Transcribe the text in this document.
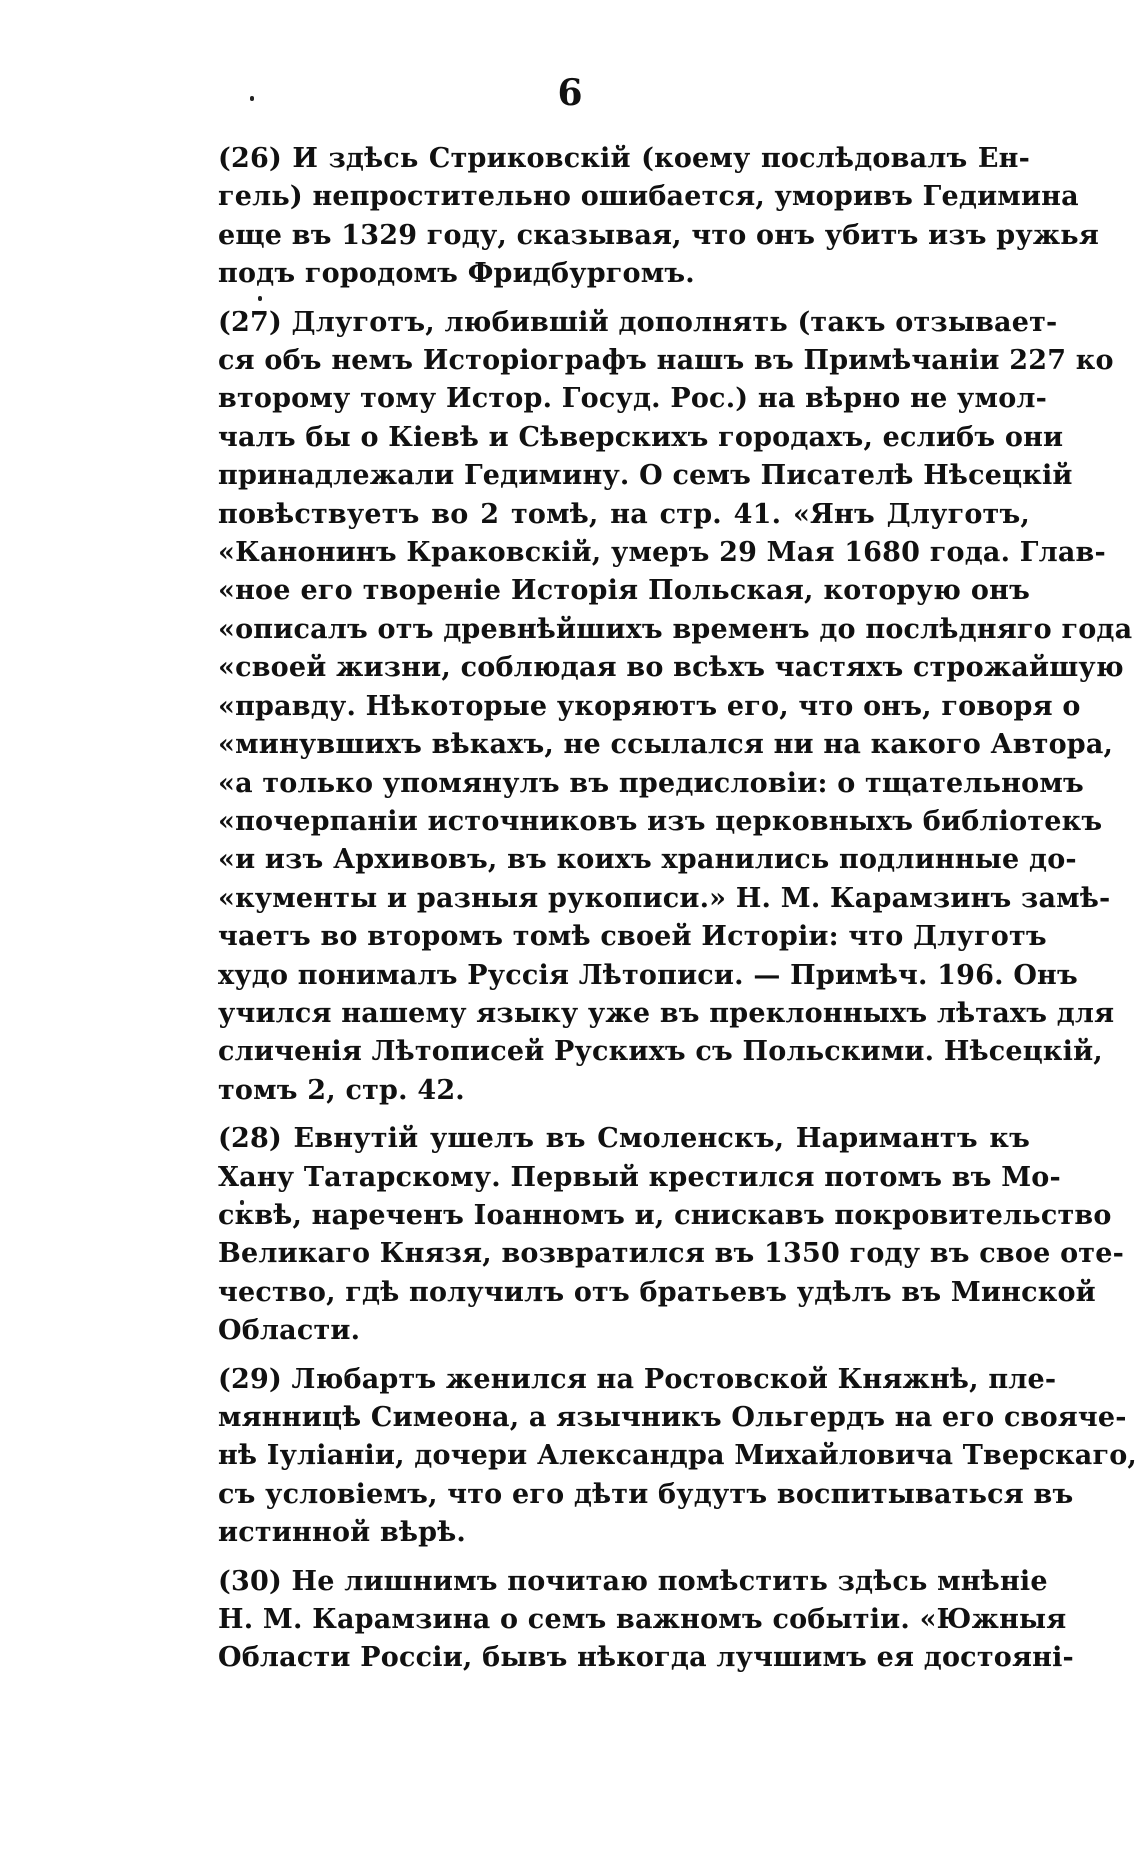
6
(26) И здѣсь Стриковскій (коему послѣдовалъ Ен-
гель) непростительно ошибается, уморивъ Гедимина
еще въ 1329 году, сказывая, что онъ убитъ изъ ружья
подъ городомъ Фридбургомъ.
(27) Длуготъ, любившій дополнять (такъ отзывает-
ся объ немъ Исторіографъ нашъ въ Примѣчаніи 227 ко
второму тому Истор. Госуд. Рос.) на вѣрно не умол-
чалъ бы о Кіевѣ и Сѣверскихъ городахъ, еслибъ они
принадлежали Гедимину. О семъ Писателѣ Нѣсецкій
повѣствуетъ во 2 томѣ, на стр. 41. «Янъ Длуготъ,
«Канонинъ Краковскій, умеръ 29 Мая 1680 года. Глав-
«ное его твореніе Исторія Польская, которую онъ
«описалъ отъ древнѣйшихъ временъ до послѣдняго года
«своей жизни, соблюдая во всѣхъ частяхъ строжайшую
«правду. Нѣкоторые укоряютъ его, что онъ, говоря о
«минувшихъ вѣкахъ, не ссылался ни на какого Автора,
«а только упомянулъ въ предисловіи: о тщательномъ
«почерпаніи источниковъ изъ церковныхъ библіотекъ
«и изъ Архивовъ, въ коихъ хранились подлинные до-
«кументы и разныя рукописи.» Н. М. Карамзинъ замѣ-
чаетъ во второмъ томѣ своей Исторіи: что Длуготъ
худо понималъ Руссія Лѣтописи. — Примѣч. 196. Онъ
учился нашему языку уже въ преклонныхъ лѣтахъ для
сличенія Лѣтописей Рускихъ съ Польскими. Нѣсецкій,
томъ 2, стр. 42.
(28) Евнутій ушелъ въ Смоленскъ, Наримантъ къ
Хану Татарскому. Первый крестился потомъ въ Мо-
сквѣ, нареченъ Іоанномъ и, снискавъ покровительство
Великаго Князя, возвратился въ 1350 году въ свое оте-
чество, гдѣ получилъ отъ братьевъ удѣлъ въ Минской
Области.
(29) Любартъ женился на Ростовской Княжнѣ, пле-
мянницѣ Симеона, а язычникъ Ольгердъ на его свояче-
нѣ Іуліаніи, дочери Александра Михайловича Тверскаго,
съ условіемъ, что его дѣти будутъ воспитываться въ
истинной вѣрѣ.
(30) Не лишнимъ почитаю помѣстить здѣсь мнѣніе
Н. М. Карамзина о семъ важномъ событіи. «Южныя
Области Россіи, бывъ нѣкогда лучшимъ ея достоянi-
